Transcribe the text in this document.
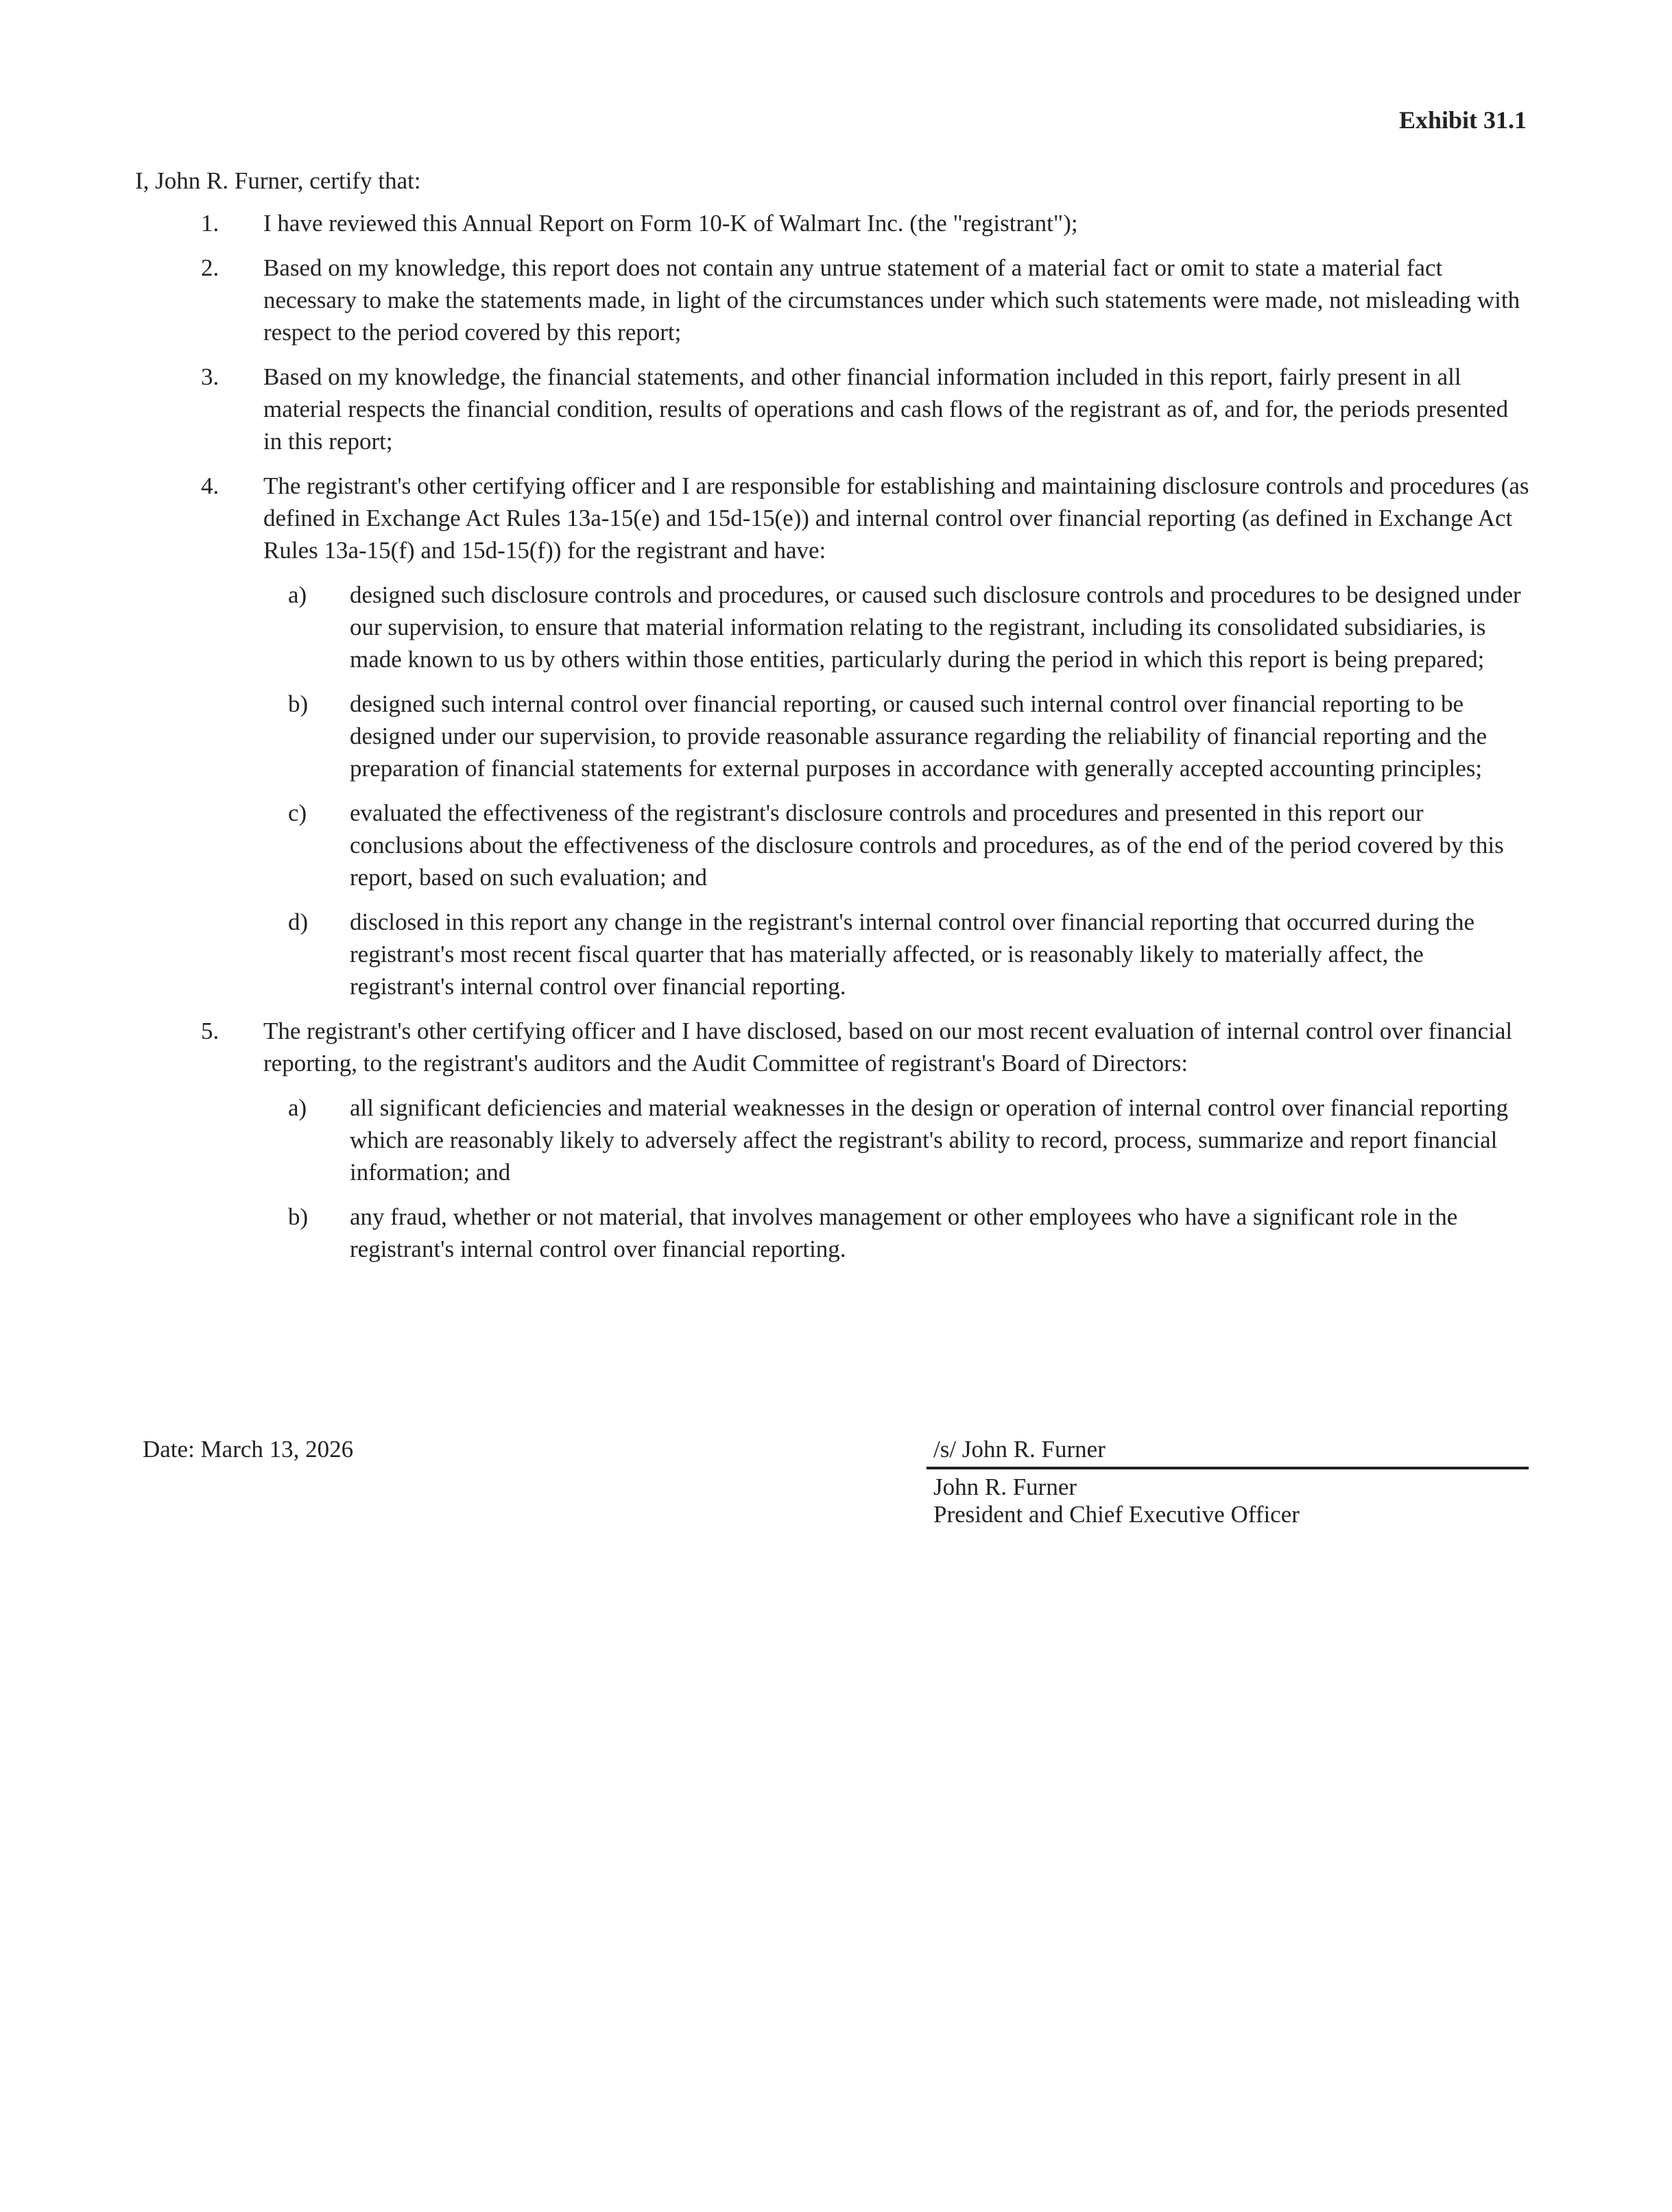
Exhibit 31.1
I, John R. Furner, certify that:
1. I have reviewed this Annual Report on Form 10-K of Walmart Inc. (the "registrant");
2. Based on my knowledge, this report does not contain any untrue statement of a material fact or omit to state a material fact necessary to make the statements made, in light of the circumstances under which such statements were made, not misleading with respect to the period covered by this report;
3. Based on my knowledge, the financial statements, and other financial information included in this report, fairly present in all material respects the financial condition, results of operations and cash flows of the registrant as of, and for, the periods presented in this report;
4. The registrant's other certifying officer and I are responsible for establishing and maintaining disclosure controls and procedures (as defined in Exchange Act Rules 13a-15(e) and 15d-15(e)) and internal control over financial reporting (as defined in Exchange Act Rules 13a-15(f) and 15d-15(f)) for the registrant and have:
a) designed such disclosure controls and procedures, or caused such disclosure controls and procedures to be designed under our supervision, to ensure that material information relating to the registrant, including its consolidated subsidiaries, is made known to us by others within those entities, particularly during the period in which this report is being prepared;
b) designed such internal control over financial reporting, or caused such internal control over financial reporting to be designed under our supervision, to provide reasonable assurance regarding the reliability of financial reporting and the preparation of financial statements for external purposes in accordance with generally accepted accounting principles;
c) evaluated the effectiveness of the registrant's disclosure controls and procedures and presented in this report our conclusions about the effectiveness of the disclosure controls and procedures, as of the end of the period covered by this report, based on such evaluation; and
d) disclosed in this report any change in the registrant's internal control over financial reporting that occurred during the registrant's most recent fiscal quarter that has materially affected, or is reasonably likely to materially affect, the registrant's internal control over financial reporting.
5. The registrant's other certifying officer and I have disclosed, based on our most recent evaluation of internal control over financial reporting, to the registrant's auditors and the Audit Committee of registrant's Board of Directors:
a) all significant deficiencies and material weaknesses in the design or operation of internal control over financial reporting which are reasonably likely to adversely affect the registrant's ability to record, process, summarize and report financial information; and
b) any fraud, whether or not material, that involves management or other employees who have a significant role in the registrant's internal control over financial reporting.
Date: March 13, 2026	/s/ John R. Furner
John R. Furner
President and Chief Executive Officer
